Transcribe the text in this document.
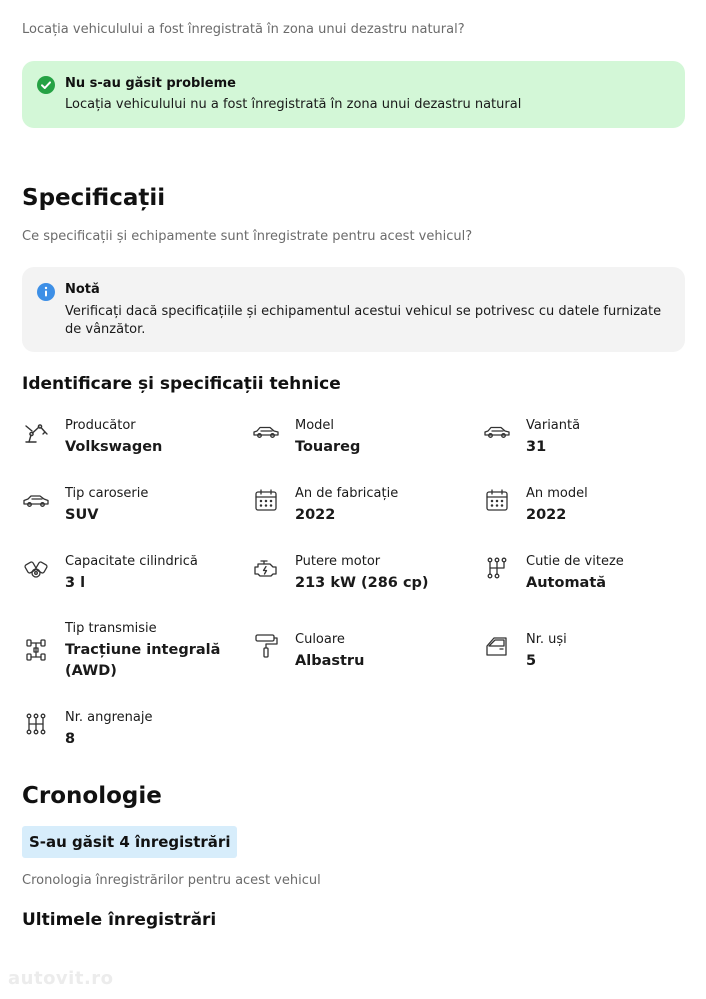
Locația vehiculului a fost înregistrată în zona unui dezastru natural?
Nu s-au găsit probleme
Locația vehiculului nu a fost înregistrată în zona unui dezastru natural
Specificații
Ce specificații și echipamente sunt înregistrate pentru acest vehicul?
Notă
Verificați dacă specificațiile și echipamentul acestui vehicul se potrivesc cu datele furnizate de vânzător.
Identificare și specificații tehnice
Producător
Volkswagen
Model
Touareg
Variantă
31
Tip caroserie
SUV
An de fabricație
2022
An model
2022
Capacitate cilindrică
3 l
Putere motor
213 kW (286 cp)
Cutie de viteze
Automată
Tip transmisie
Tracțiune integrală (AWD)
Culoare
Albastru
Nr. uși
5
Nr. angrenaje
8
Cronologie
S-au găsit 4 înregistrări
Cronologia înregistrărilor pentru acest vehicul
Ultimele înregistrări
autovit.ro
